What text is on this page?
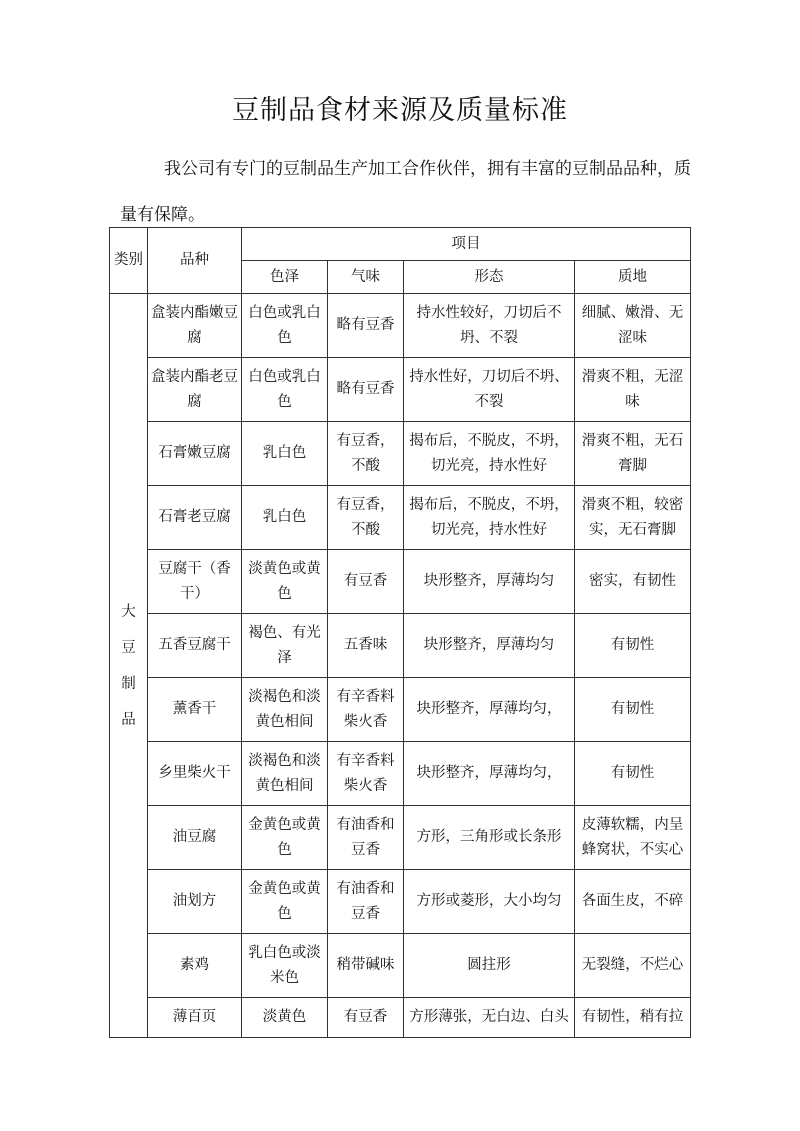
豆制品食材来源及质量标准

我公司有专门的豆制品生产加工合作伙伴，拥有丰富的豆制品品种，质量有保障。

类别	品种	项目			
		色泽	气味	形态	质地

大
豆
制
品	盒装内酯嫩豆腐	白色或乳白色	略有豆香	持水性较好，刀切后不坍、不裂	细腻、嫩滑、无涩味
	盒装内酯老豆腐	白色或乳白色	略有豆香	持水性好，刀切后不坍、不裂	滑爽不粗，无涩味
	石膏嫩豆腐	乳白色	有豆香，不酸	揭布后，不脱皮，不坍，切光亮，持水性好	滑爽不粗，无石膏脚
	石膏老豆腐	乳白色	有豆香，不酸	揭布后，不脱皮，不坍，切光亮，持水性好	滑爽不粗，较密实，无石膏脚
	豆腐干（香干）	淡黄色或黄色	有豆香	块形整齐，厚薄均匀	密实，有韧性
	五香豆腐干	褐色、有光泽	五香味	块形整齐，厚薄均匀	有韧性
	薰香干	淡褐色和淡黄色相间	有辛香料柴火香	块形整齐，厚薄均匀，	有韧性
	乡里柴火干	淡褐色和淡黄色相间	有辛香料柴火香	块形整齐，厚薄均匀，	有韧性
	油豆腐	金黄色或黄色	有油香和豆香	方形，三角形或长条形	皮薄软糯，内呈蜂窝状，不实心
	油划方	金黄色或黄色	有油香和豆香	方形或菱形，大小均匀	各面生皮，不碎
	素鸡	乳白色或淡米色	稍带碱味	圆拄形	无裂缝，不烂心
	薄百页	淡黄色	有豆香	方形薄张，无白边、白头	有韧性，稍有拉
